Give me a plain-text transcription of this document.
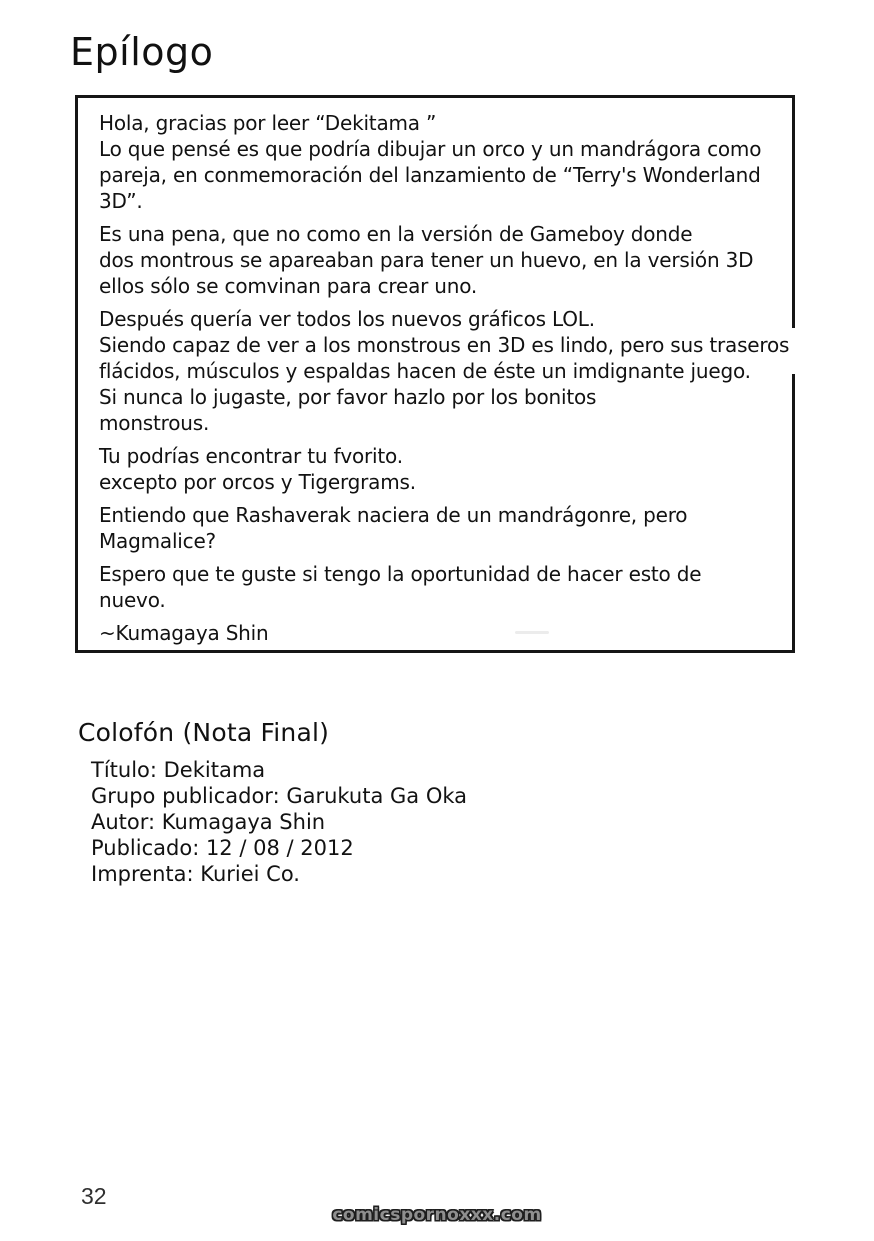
Epílogo
Hola, gracias por leer “Dekitama ”
Lo que pensé es que podría dibujar un orco y un mandrágora como
pareja, en conmemoración del lanzamiento de “Terry's Wonderland
3D”.
Es una pena, que no como en la versión de Gameboy donde
dos montrous se apareaban para tener un huevo, en la versión 3D
ellos sólo se comvinan para crear uno.
Después quería ver todos los nuevos gráficos LOL.
Siendo capaz de ver a los monstrous en 3D es lindo, pero sus traseros
flácidos, músculos y espaldas hacen de éste un imdignante juego.
Si nunca lo jugaste, por favor hazlo por los bonitos
monstrous.
Tu podrías encontrar tu fvorito.
excepto por orcos y Tigergrams.
Entiendo que Rashaverak naciera de un mandrágonre, pero
Magmalice?
Espero que te guste si tengo la oportunidad de hacer esto de
nuevo.
~Kumagaya Shin
Colofón (Nota Final)
Título: Dekitama
Grupo publicador: Garukuta Ga Oka
Autor: Kumagaya Shin
Publicado: 12 / 08 / 2012
Imprenta: Kuriei Co.
32
comicspornoxxx.com
